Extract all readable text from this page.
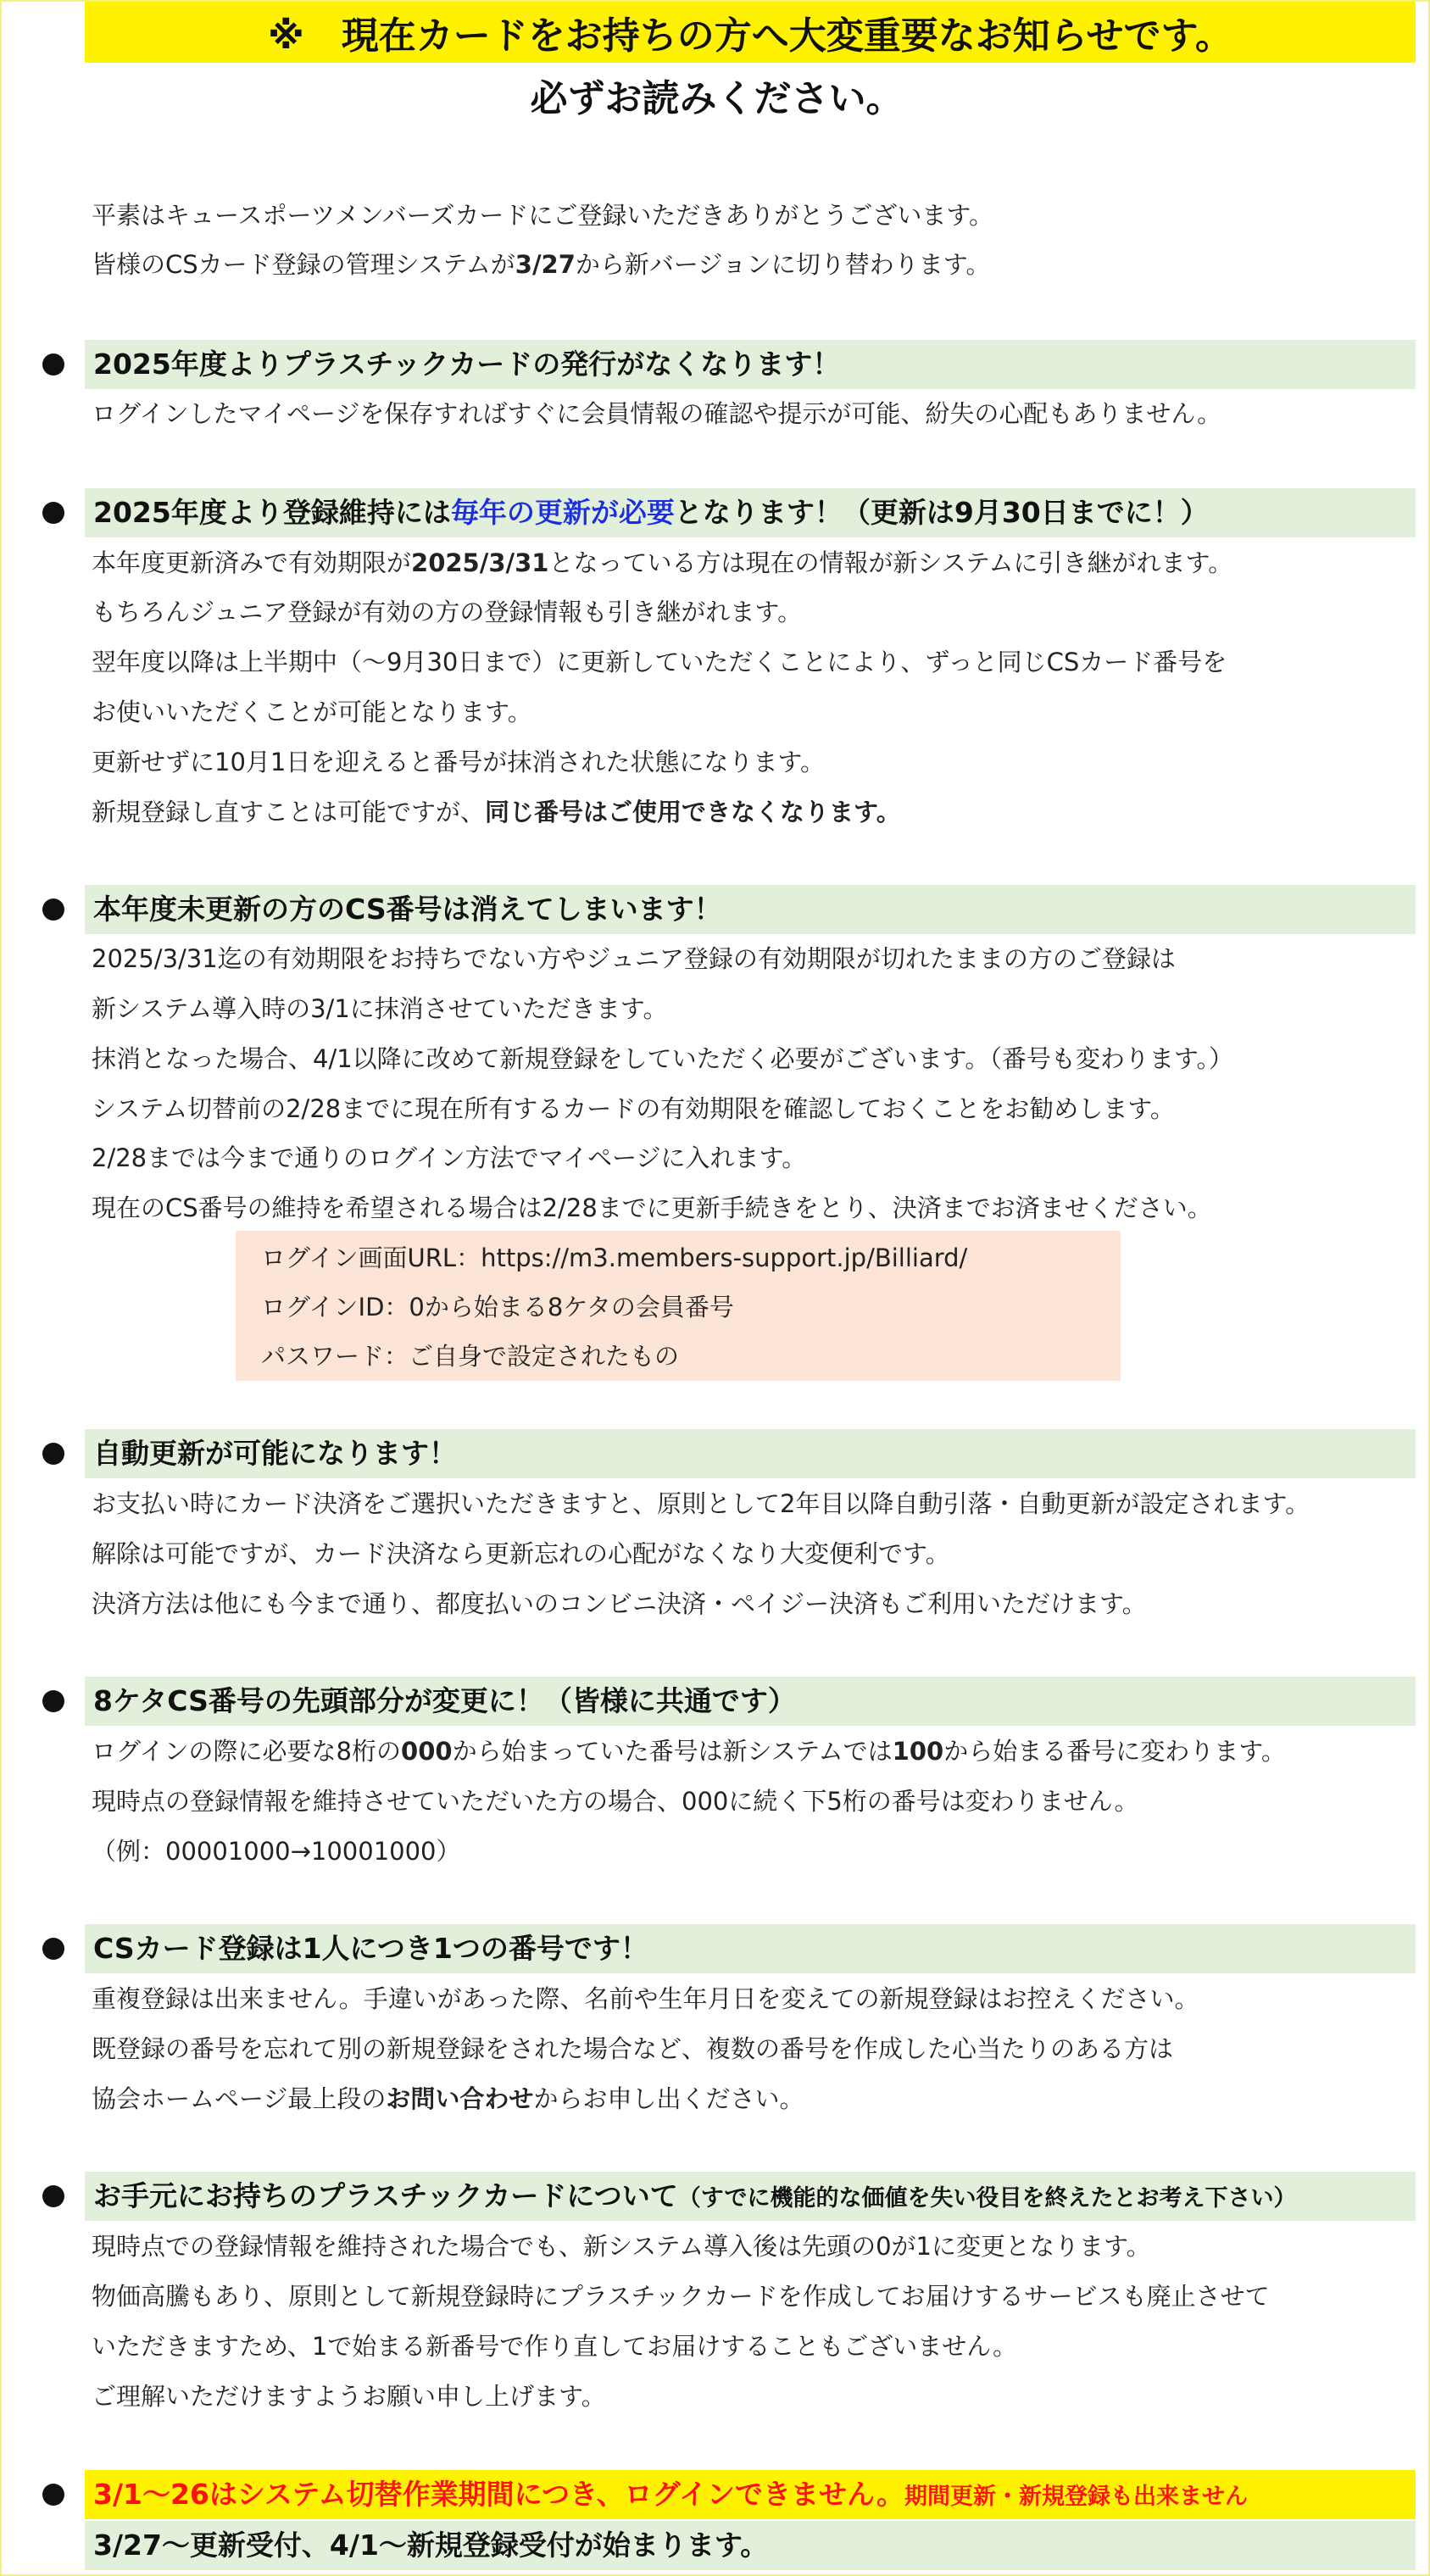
※　現在カードをお持ちの方へ大変重要なお知らせです。
必ずお読みください。
平素はキュースポーツメンバーズカードにご登録いただきありがとうございます。
皆様のCSカード登録の管理システムが3/27から新バージョンに切り替わります。
2025年度よりプラスチックカードの発行がなくなります！
ログインしたマイページを保存すればすぐに会員情報の確認や提示が可能、紛失の心配もありません。
2025年度より登録維持には毎年の更新が必要となります！（更新は9月30日までに！）
本年度更新済みで有効期限が2025/3/31となっている方は現在の情報が新システムに引き継がれます。
もちろんジュニア登録が有効の方の登録情報も引き継がれます。
翌年度以降は上半期中（～9月30日まで）に更新していただくことにより、ずっと同じCSカード番号を
お使いいただくことが可能となります。
更新せずに10月1日を迎えると番号が抹消された状態になります。
新規登録し直すことは可能ですが、同じ番号はご使用できなくなります。
本年度未更新の方のCS番号は消えてしまいます！
2025/3/31迄の有効期限をお持ちでない方やジュニア登録の有効期限が切れたままの方のご登録は
新システム導入時の3/1に抹消させていただきます。
抹消となった場合、4/1以降に改めて新規登録をしていただく必要がございます。（番号も変わります。）
システム切替前の2/28までに現在所有するカードの有効期限を確認しておくことをお勧めします。
2/28までは今まで通りのログイン方法でマイページに入れます。
現在のCS番号の維持を希望される場合は2/28までに更新手続きをとり、決済までお済ませください。
ログイン画面URL：https://m3.members-support.jp/Billiard/
ログインID：0から始まる8ケタの会員番号
パスワード：ご自身で設定されたもの
自動更新が可能になります！
お支払い時にカード決済をご選択いただきますと、原則として2年目以降自動引落・自動更新が設定されます。
解除は可能ですが、カード決済なら更新忘れの心配がなくなり大変便利です。
決済方法は他にも今まで通り、都度払いのコンビニ決済・ペイジー決済もご利用いただけます。
8ケタCS番号の先頭部分が変更に！（皆様に共通です）
ログインの際に必要な8桁の000から始まっていた番号は新システムでは100から始まる番号に変わります。
現時点の登録情報を維持させていただいた方の場合、000に続く下5桁の番号は変わりません。
（例：00001000→10001000）
CSカード登録は1人につき1つの番号です！
重複登録は出来ません。手違いがあった際、名前や生年月日を変えての新規登録はお控えください。
既登録の番号を忘れて別の新規登録をされた場合など、複数の番号を作成した心当たりのある方は
協会ホームページ最上段のお問い合わせからお申し出ください。
お手元にお持ちのプラスチックカードについて（すでに機能的な価値を失い役目を終えたとお考え下さい）
現時点での登録情報を維持された場合でも、新システム導入後は先頭の0が1に変更となります。
物価高騰もあり、原則として新規登録時にプラスチックカードを作成してお届けするサービスも廃止させて
いただきますため、1で始まる新番号で作り直してお届けすることもございません。
ご理解いただけますようお願い申し上げます。
3/1～26はシステム切替作業期間につき、ログインできません。期間更新・新規登録も出来ません
3/27～更新受付、4/1～新規登録受付が始まります。
